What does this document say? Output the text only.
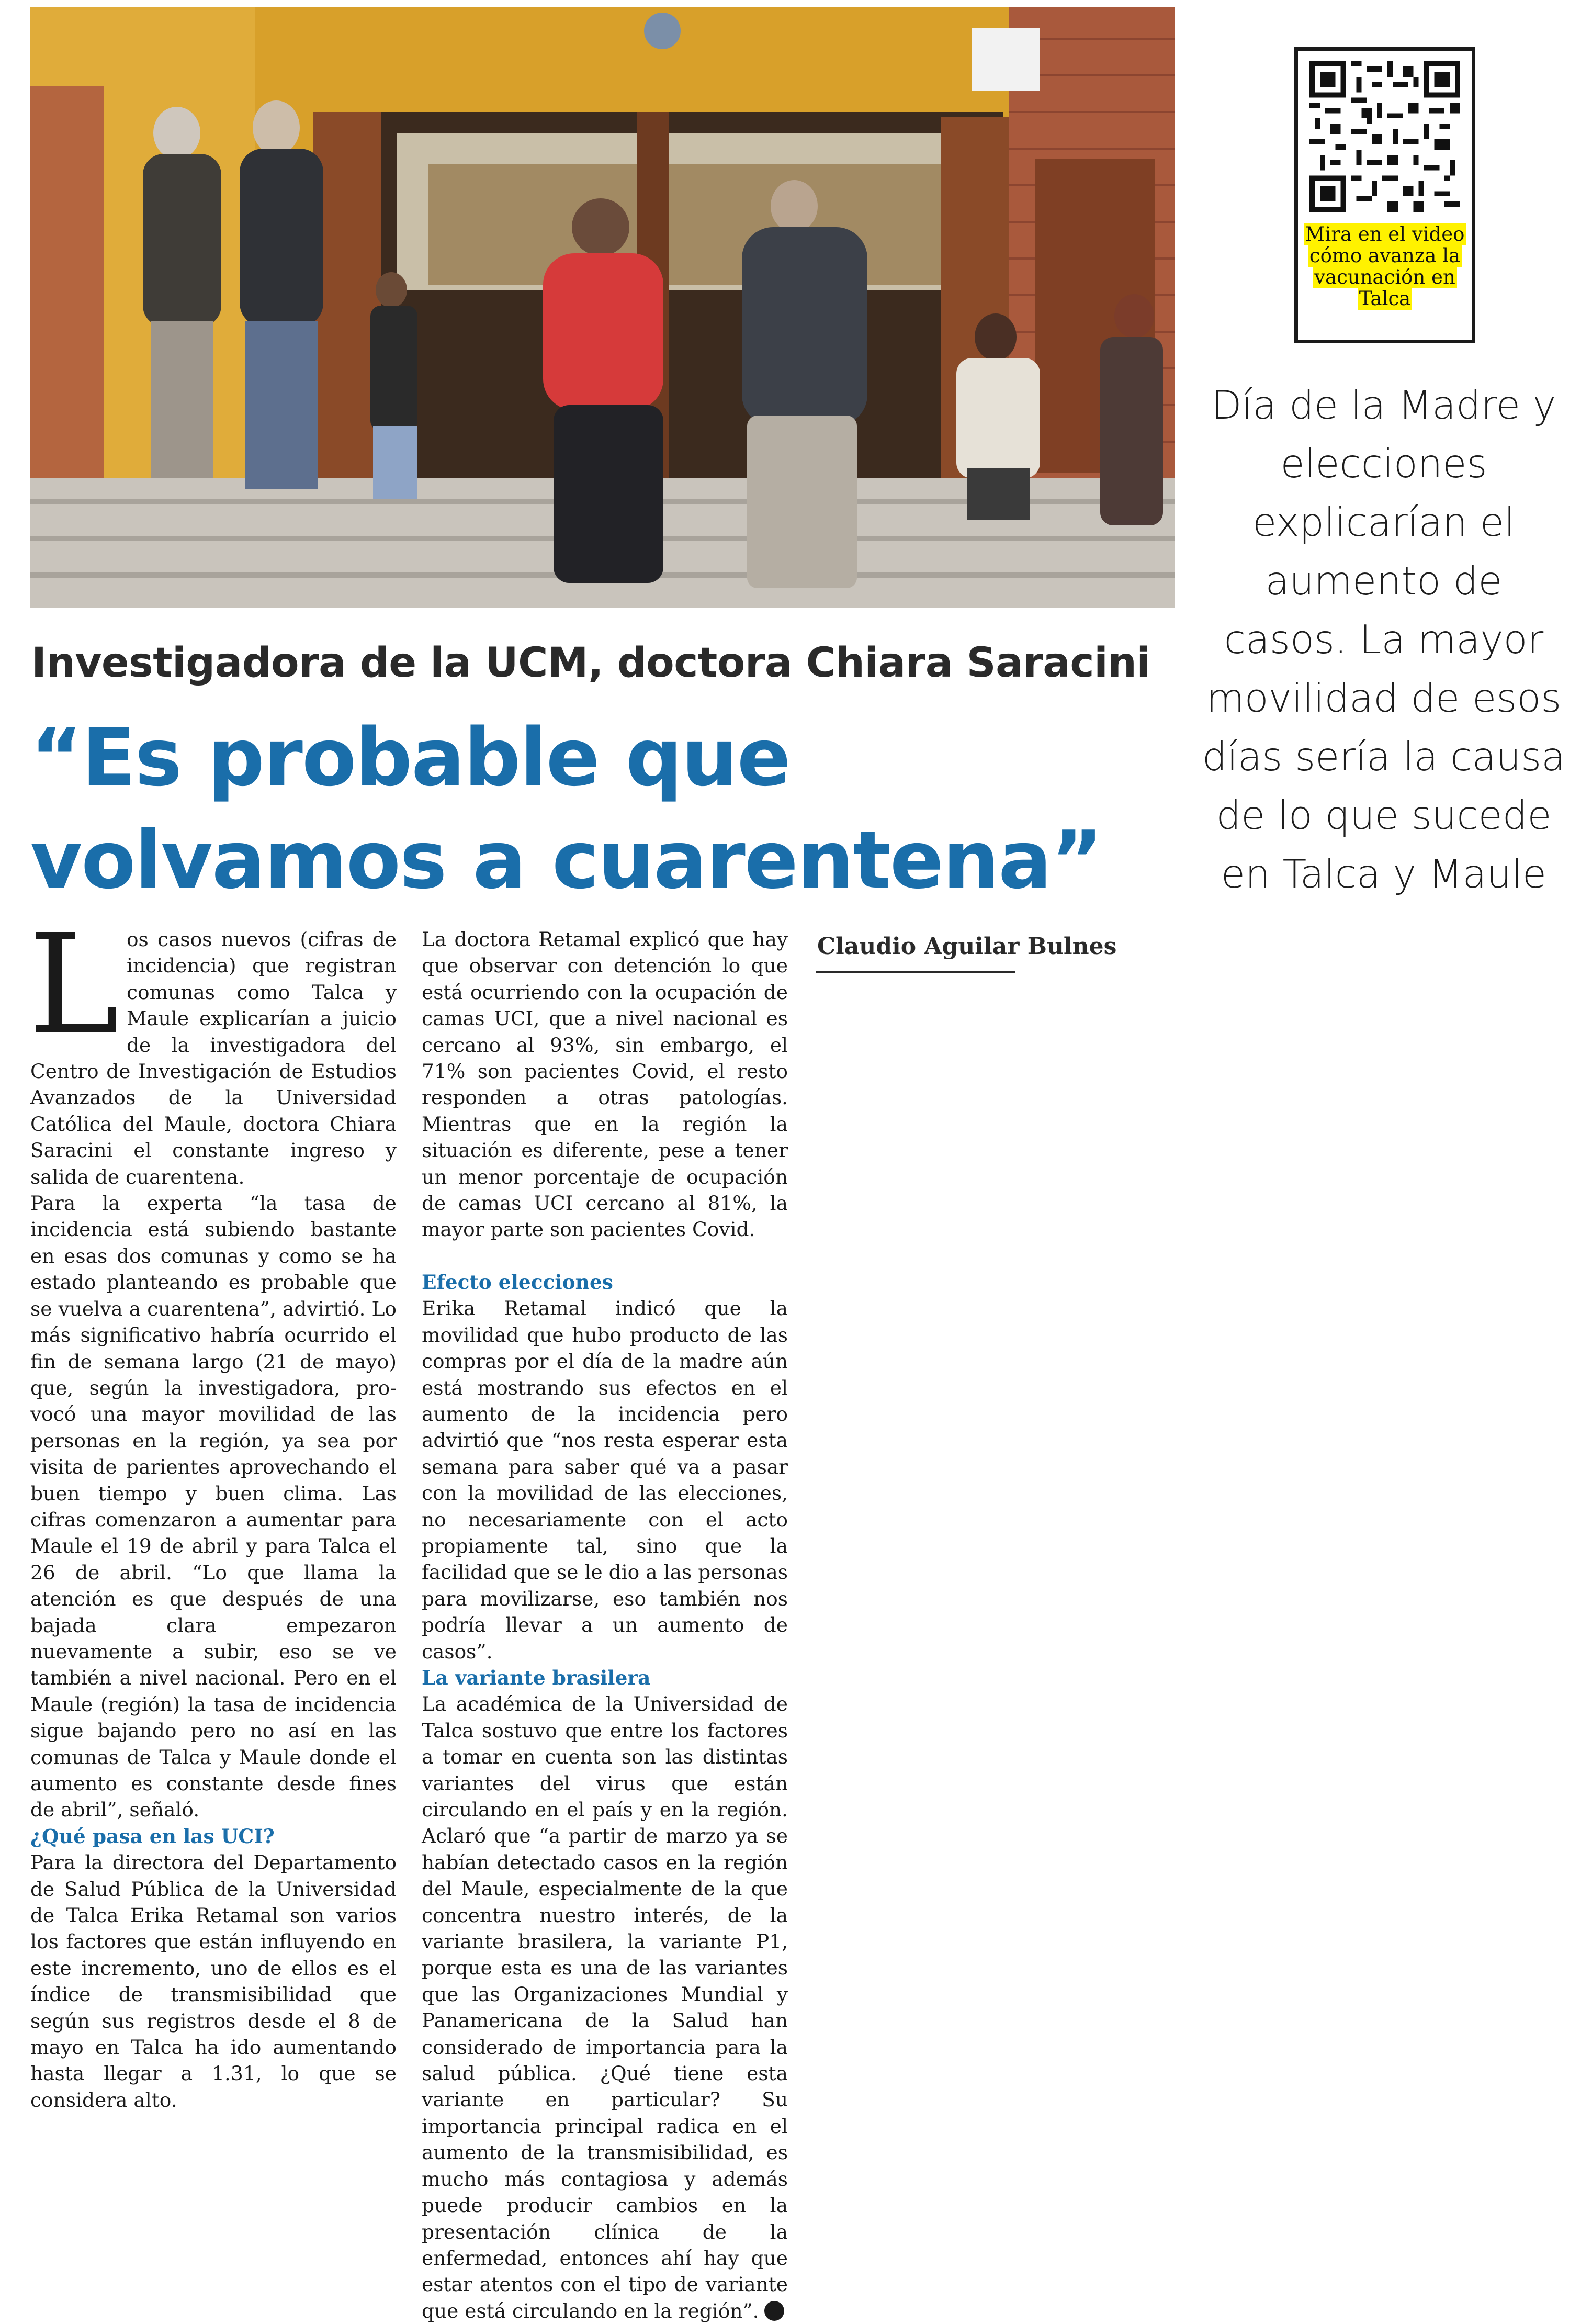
Mira en el video cómo avanza la vacunación en Talca
Día de la Madre y elecciones explicarían el aumento de casos. La mayor movilidad de esos días sería la causa de lo que sucede en Talca y Maule
Investigadora de la UCM, doctora Chiara Saracini
“Es probable que
volvamos a cuarentena”
Claudio Aguilar Bulnes

Los casos nuevos (cifras de incidencia) que registran comunas como Talca y Maule explicarían a juicio de la investigadora del Centro de Investigación de Estudios Avanzados de la Universidad Católica del Maule, doctora Chiara Saracini el constante ingreso y salida de cuarentena.

Para la experta “la tasa de incidencia está subiendo bastante en esas dos comunas y como se ha estado planteando es probable que se vuelva a cuarentena”, advirtió. Lo más significativo habría ocurrido el fin de semana largo (21 de mayo) que, según la investigadora, provocó una mayor movilidad de las personas en la región, ya sea por visita de parientes aprovechando el buen tiempo y buen clima. Las cifras comenzaron a aumentar para Maule el 19 de abril y para Talca el 26 de abril. “Lo que llama la atención es que después de una bajada clara empezaron nuevamente a subir, eso se ve también a nivel nacional. Pero en el Maule (región) la tasa de incidencia sigue bajando pero no así en las comunas de Talca y Maule donde el aumento es constante desde fines de abril”, señaló.

¿Qué pasa en las UCI?

Para la directora del Departamento de Salud Pública de la Universidad de Talca Erika Retamal son varios los factores que están influyendo en este incremento, uno de ellos es el índice de transmisibilidad que según sus registros desde el 8 de mayo en Talca ha ido aumentando hasta llegar a 1.31, lo que se considera alto.

La doctora Retamal explicó que hay que observar con detención lo que está ocurriendo con la ocupación de camas UCI, que a nivel nacional es cercano al 93%, sin embargo, el 71% son pacientes Covid, el resto responden a otras patologías. Mientras que en la región la situación es diferente, pese a tener un menor porcentaje de ocupación de camas UCI cercano al 81%, la mayor parte son pacientes Covid.

Efecto elecciones

Erika Retamal indicó que la movilidad que hubo producto de las compras por el día de la madre aún está mostrando sus efectos en el aumento de la incidencia pero advirtió que “nos resta esperar esta semana para saber qué va a pasar con la movilidad de las elecciones, no necesariamente con el acto propiamente tal, sino que la facilidad que se le dio a las personas para movilizarse, eso también nos podría llevar a un aumento de casos”.

La variante brasilera

La académica de la Universidad de Talca sostuvo que entre los factores a tomar en cuenta son las distintas variantes del virus que están circulando en el país y en la región. Aclaró que “a partir de marzo ya se habían detectado casos en la región del Maule, especialmente de la que concentra nuestro interés, de la variante brasilera, la variante P1, porque esta es una de las variantes que las Organizaciones Mundial y Panamericana de la Salud han considerado de importancia para la salud pública. ¿Qué tiene esta variante en particular? Su importancia principal radica en el aumento de la transmisibilidad, es mucho más contagiosa y además puede producir cambios en la presentación clínica de la enfermedad, entonces ahí hay que estar atentos con el tipo de variante que está circulando en la región”.
